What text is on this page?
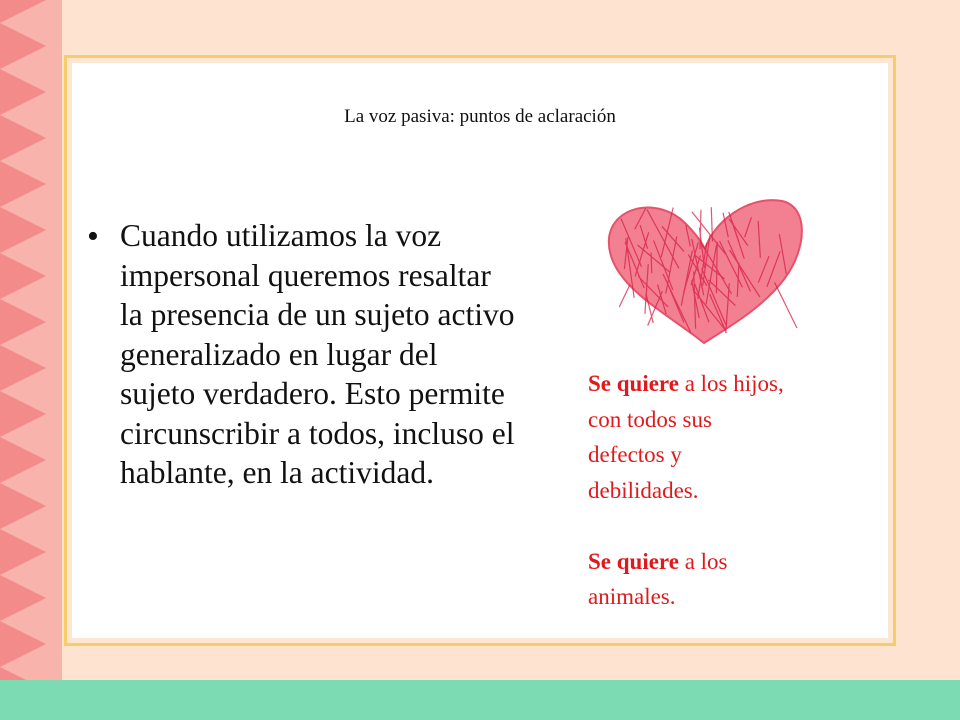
La voz pasiva: puntos de aclaración
• Cuando utilizamos la voz impersonal queremos resaltar la presencia de un sujeto activo generalizado en lugar del sujeto verdadero. Esto permite circunscribir a todos, incluso el hablante, en la actividad.
Se quiere a los hijos,
con todos sus
defectos y
debilidades.
Se quiere a los
animales.
